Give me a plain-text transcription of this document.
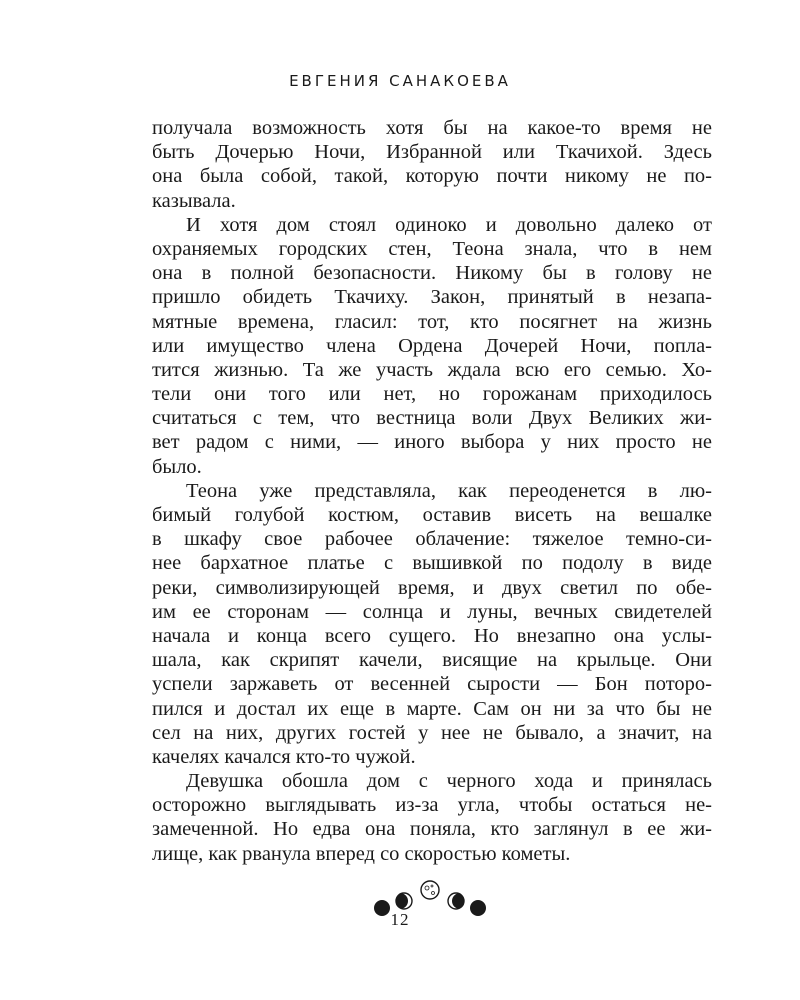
ЕВГЕНИЯ САНАКОЕВА

получала возможность хотя бы на какое-то время не
быть Дочерью Ночи, Избранной или Ткачихой. Здесь
она была собой, такой, которую почти никому не по-
казывала.

И хотя дом стоял одиноко и довольно далеко от
охраняемых городских стен, Теона знала, что в нем
она в полной безопасности. Никому бы в голову не
пришло обидеть Ткачиху. Закон, принятый в незапа-
мятные времена, гласил: тот, кто посягнет на жизнь
или имущество члена Ордена Дочерей Ночи, попла-
тится жизнью. Та же участь ждала всю его семью. Хо-
тели они того или нет, но горожанам приходилось
считаться с тем, что вестница воли Двух Великих жи-
вет радом с ними, — иного выбора у них просто не
было.

Теона уже представляла, как переоденется в лю-
бимый голубой костюм, оставив висеть на вешалке
в шкафу свое рабочее облачение: тяжелое темно-си-
нее бархатное платье с вышивкой по подолу в виде
реки, символизирующей время, и двух светил по обе-
им ее сторонам — солнца и луны, вечных свидетелей
начала и конца всего сущего. Но внезапно она услы-
шала, как скрипят качели, висящие на крыльце. Они
успели заржаветь от весенней сырости — Бон поторо-
пился и достал их еще в марте. Сам он ни за что бы не
сел на них, других гостей у нее не бывало, а значит, на
качелях качался кто-то чужой.

Девушка обошла дом с черного хода и принялась
осторожно выглядывать из-за угла, чтобы остаться не-
замеченной. Но едва она поняла, кто заглянул в ее жи-
лище, как рванула вперед со скоростью кометы.

12
